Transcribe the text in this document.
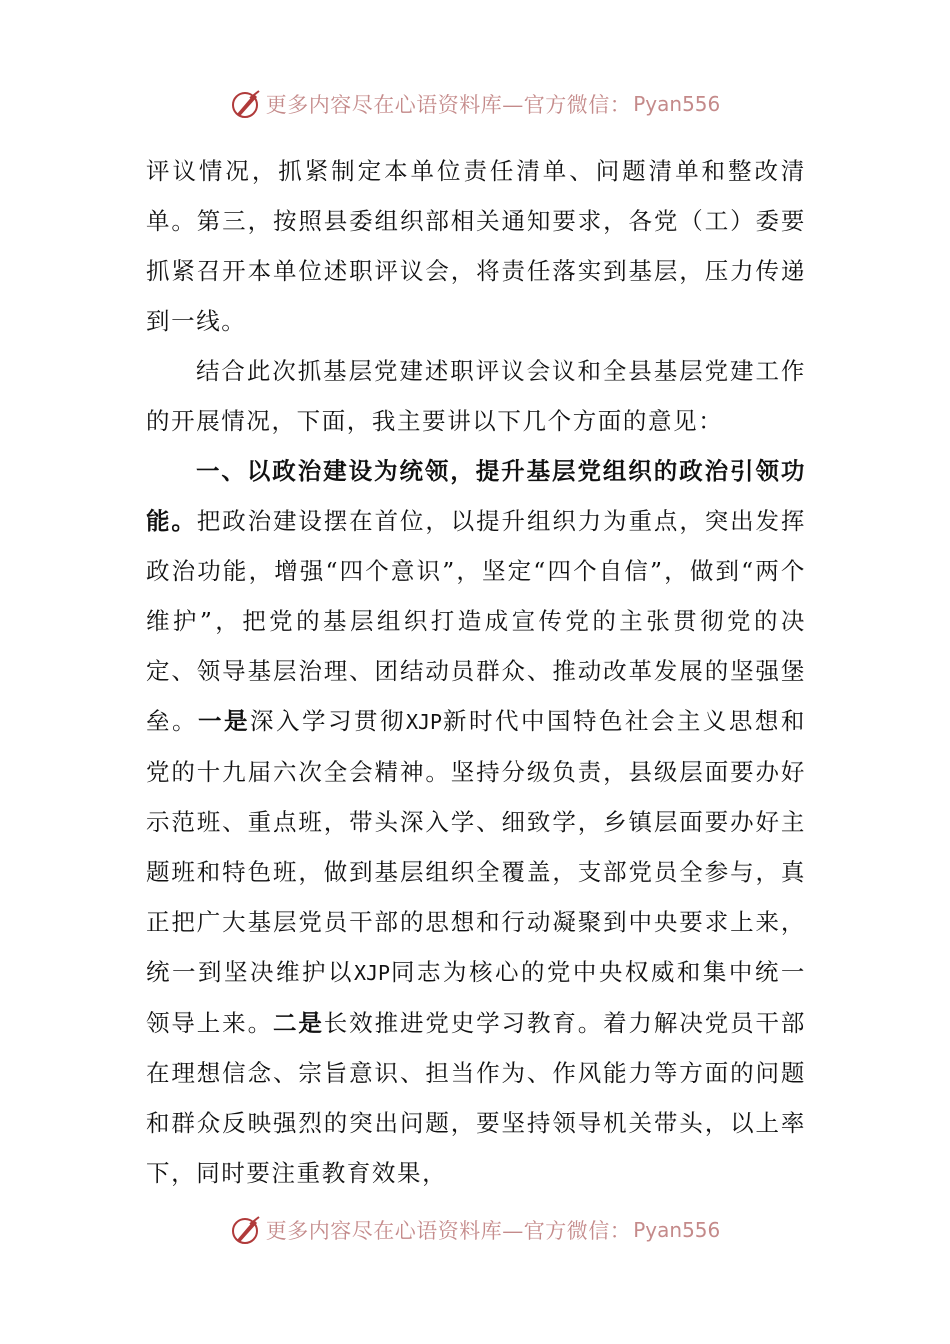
更多内容尽在心语资料库—官方微信： Pyan556

评议情况，抓紧制定本单位责任清单、问题清单和整改清单。第三，按照县委组织部相关通知要求，各党（工）委要抓紧召开本单位述职评议会，将责任落实到基层，压力传递到一线。

结合此次抓基层党建述职评议会议和全县基层党建工作的开展情况，下面，我主要讲以下几个方面的意见：

一、以政治建设为统领，提升基层党组织的政治引领功能。把政治建设摆在首位，以提升组织力为重点，突出发挥政治功能，增强“四个意识”，坚定“四个自信”，做到“两个维护”，把党的基层组织打造成宣传党的主张贯彻党的决定、领导基层治理、团结动员群众、推动改革发展的坚强堡垒。一是深入学习贯彻XJP新时代中国特色社会主义思想和党的十九届六次全会精神。坚持分级负责，县级层面要办好示范班、重点班，带头深入学、细致学，乡镇层面要办好主题班和特色班，做到基层组织全覆盖，支部党员全参与，真正把广大基层党员干部的思想和行动凝聚到中央要求上来，统一到坚决维护以XJP同志为核心的党中央权威和集中统一领导上来。二是长效推进党史学习教育。着力解决党员干部在理想信念、宗旨意识、担当作为、作风能力等方面的问题和群众反映强烈的突出问题，要坚持领导机关带头，以上率下，同时要注重教育效果，

更多内容尽在心语资料库—官方微信： Pyan556
